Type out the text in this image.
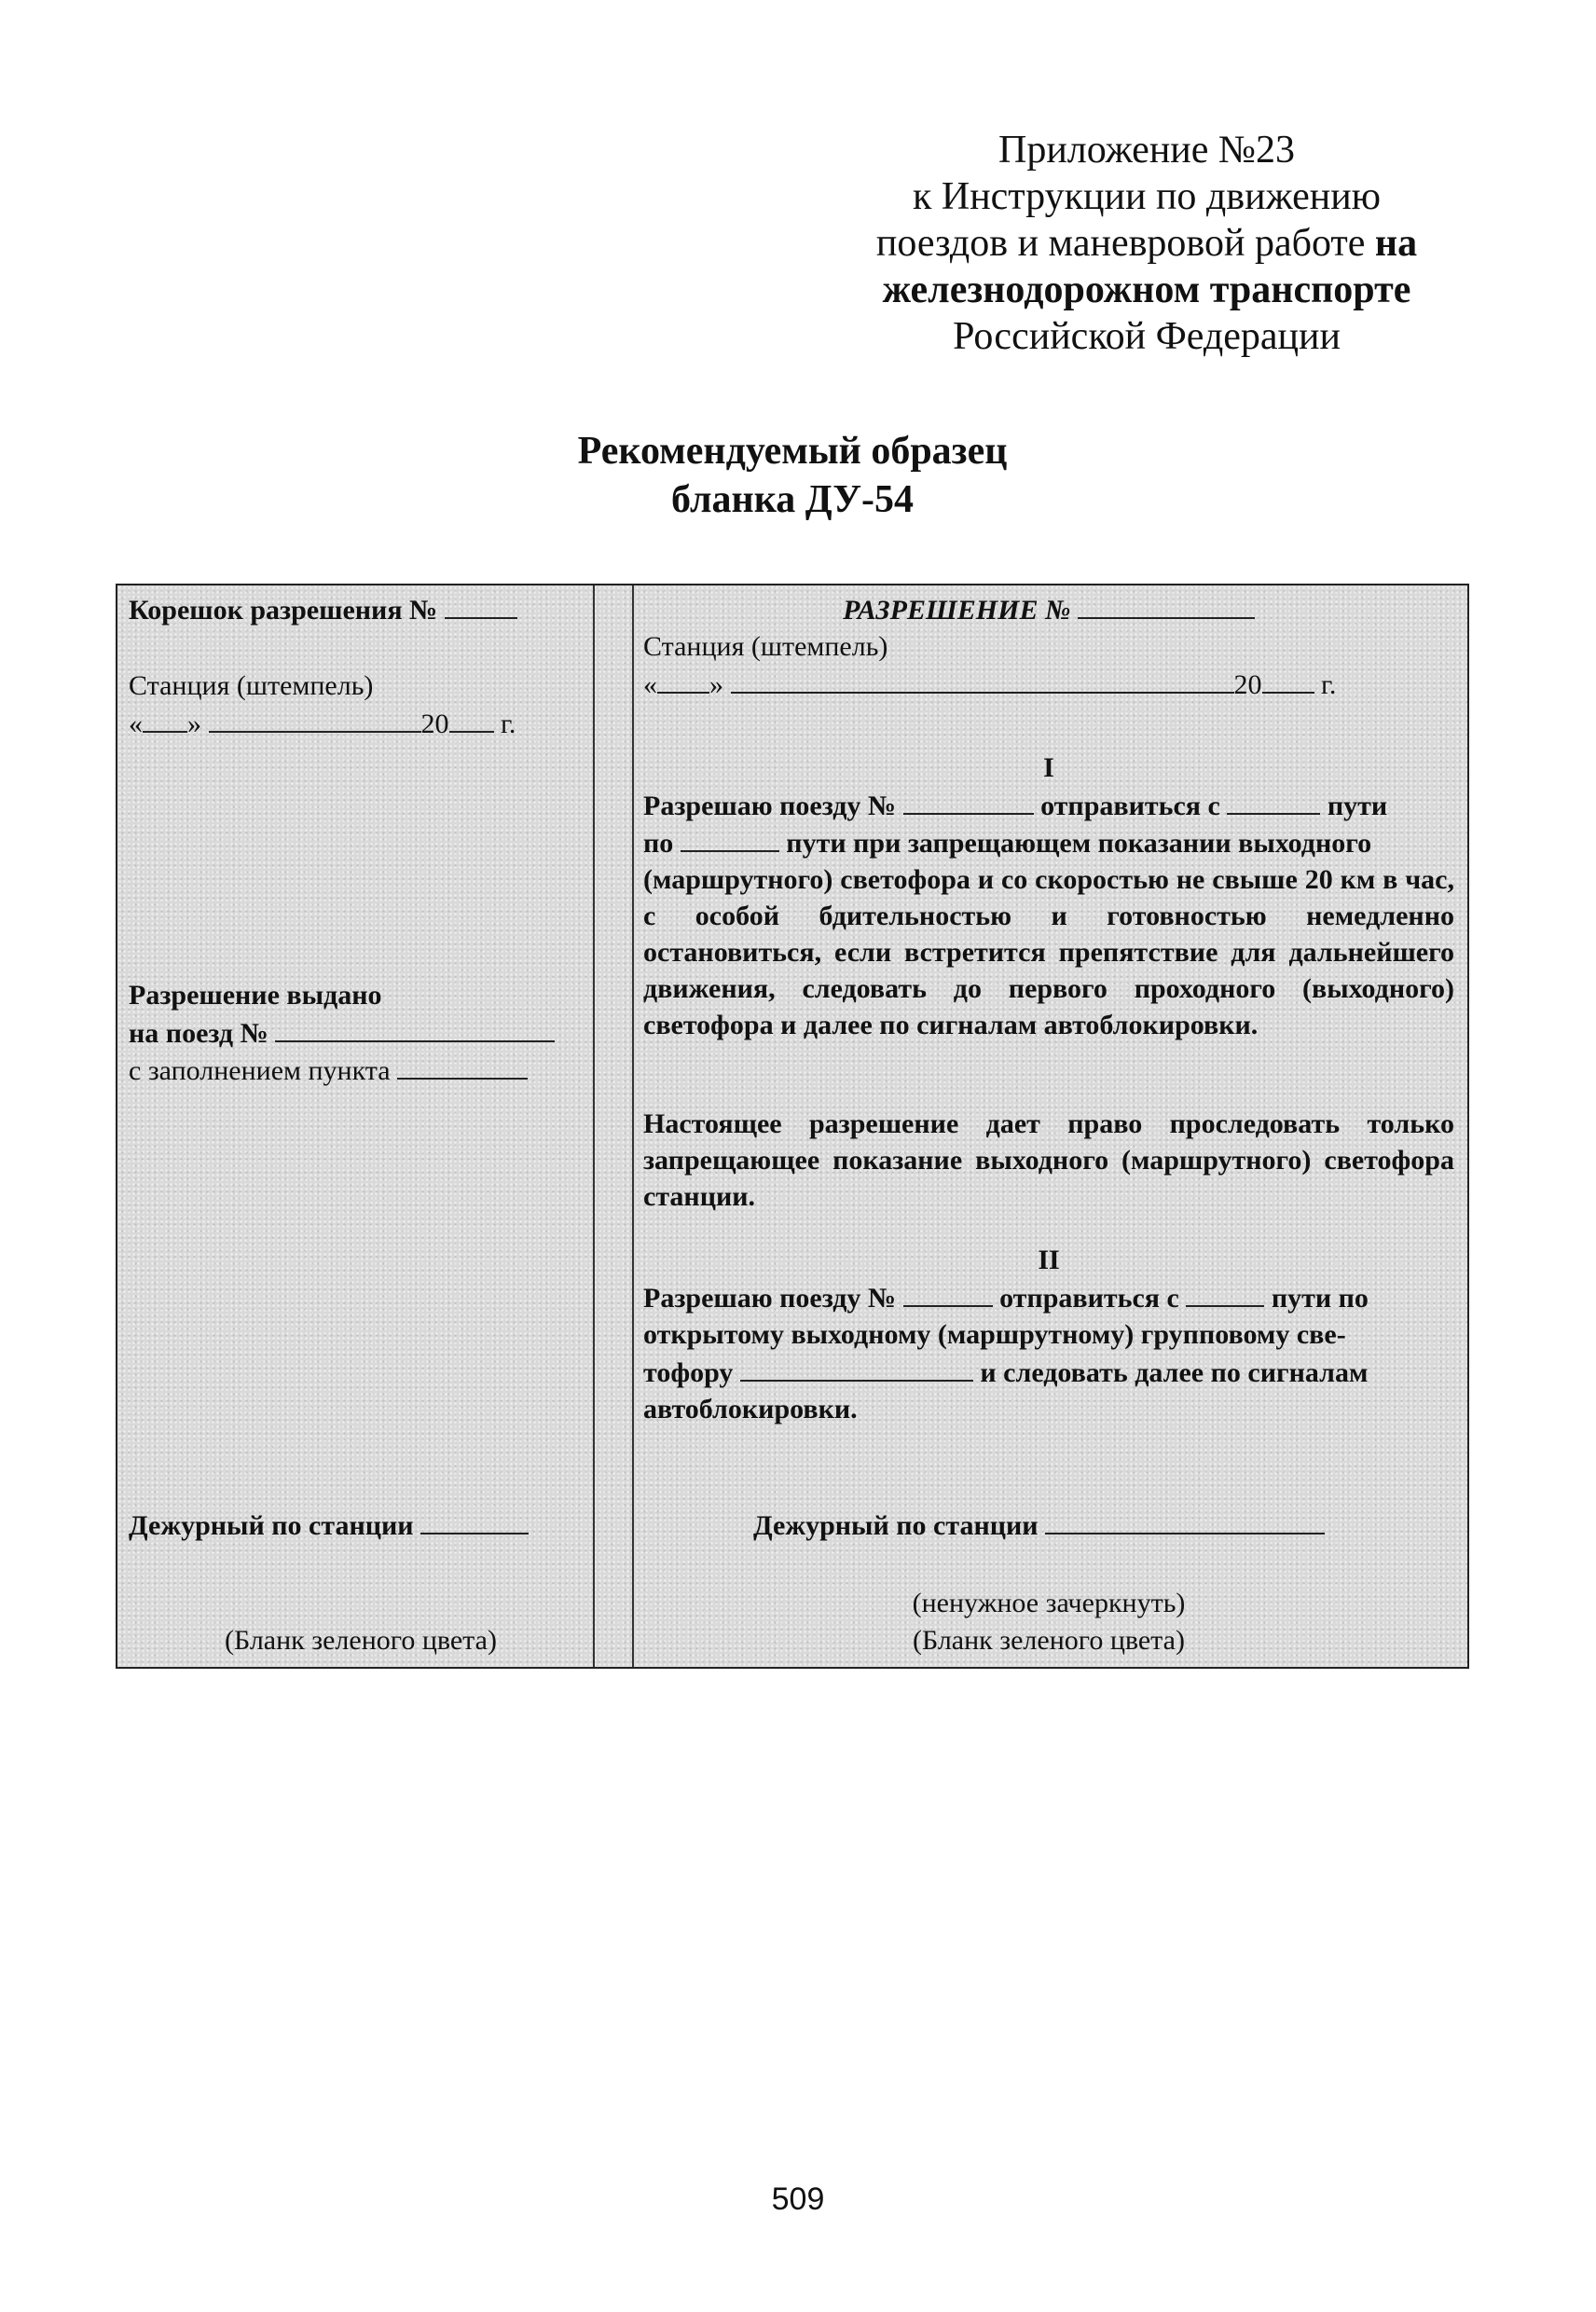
Приложение №23
к Инструкции по движению
поездов и маневровой работе на
железнодорожном транспорте
Российской Федерации
Рекомендуемый образец
бланка ДУ-54
Корешок разрешения №
Станция (штемпель)
« »	20 г.
Разрешение выдано
на поезд №
с заполнением пункта
Дежурный по станции
(Бланк зеленого цвета)
РАЗРЕШЕНИЕ №
Станция (штемпель)
« »	20 г.
I
Разрешаю поезду №	отправиться с	пути
по	пути при запрещающем показании выходного
(маршрутного) светофора и со скоростью не свыше 20 км в час, с особой бдительностью и готовностью немедленно остановиться, если встретится препятствие для дальнейшего движения, следовать до первого проходного (выходного) светофора и далее по сигналам автоблокировки.
Настоящее разрешение дает право проследовать только запрещающее показание выходного (маршрутного) светофора станции.
II
Разрешаю поезду №	отправиться с	пути по
открытому выходному (маршрутному) групповому све-
тофору	и следовать далее по сигналам
автоблокировки.
Дежурный по станции
(ненужное зачеркнуть)
(Бланк зеленого цвета)
509
